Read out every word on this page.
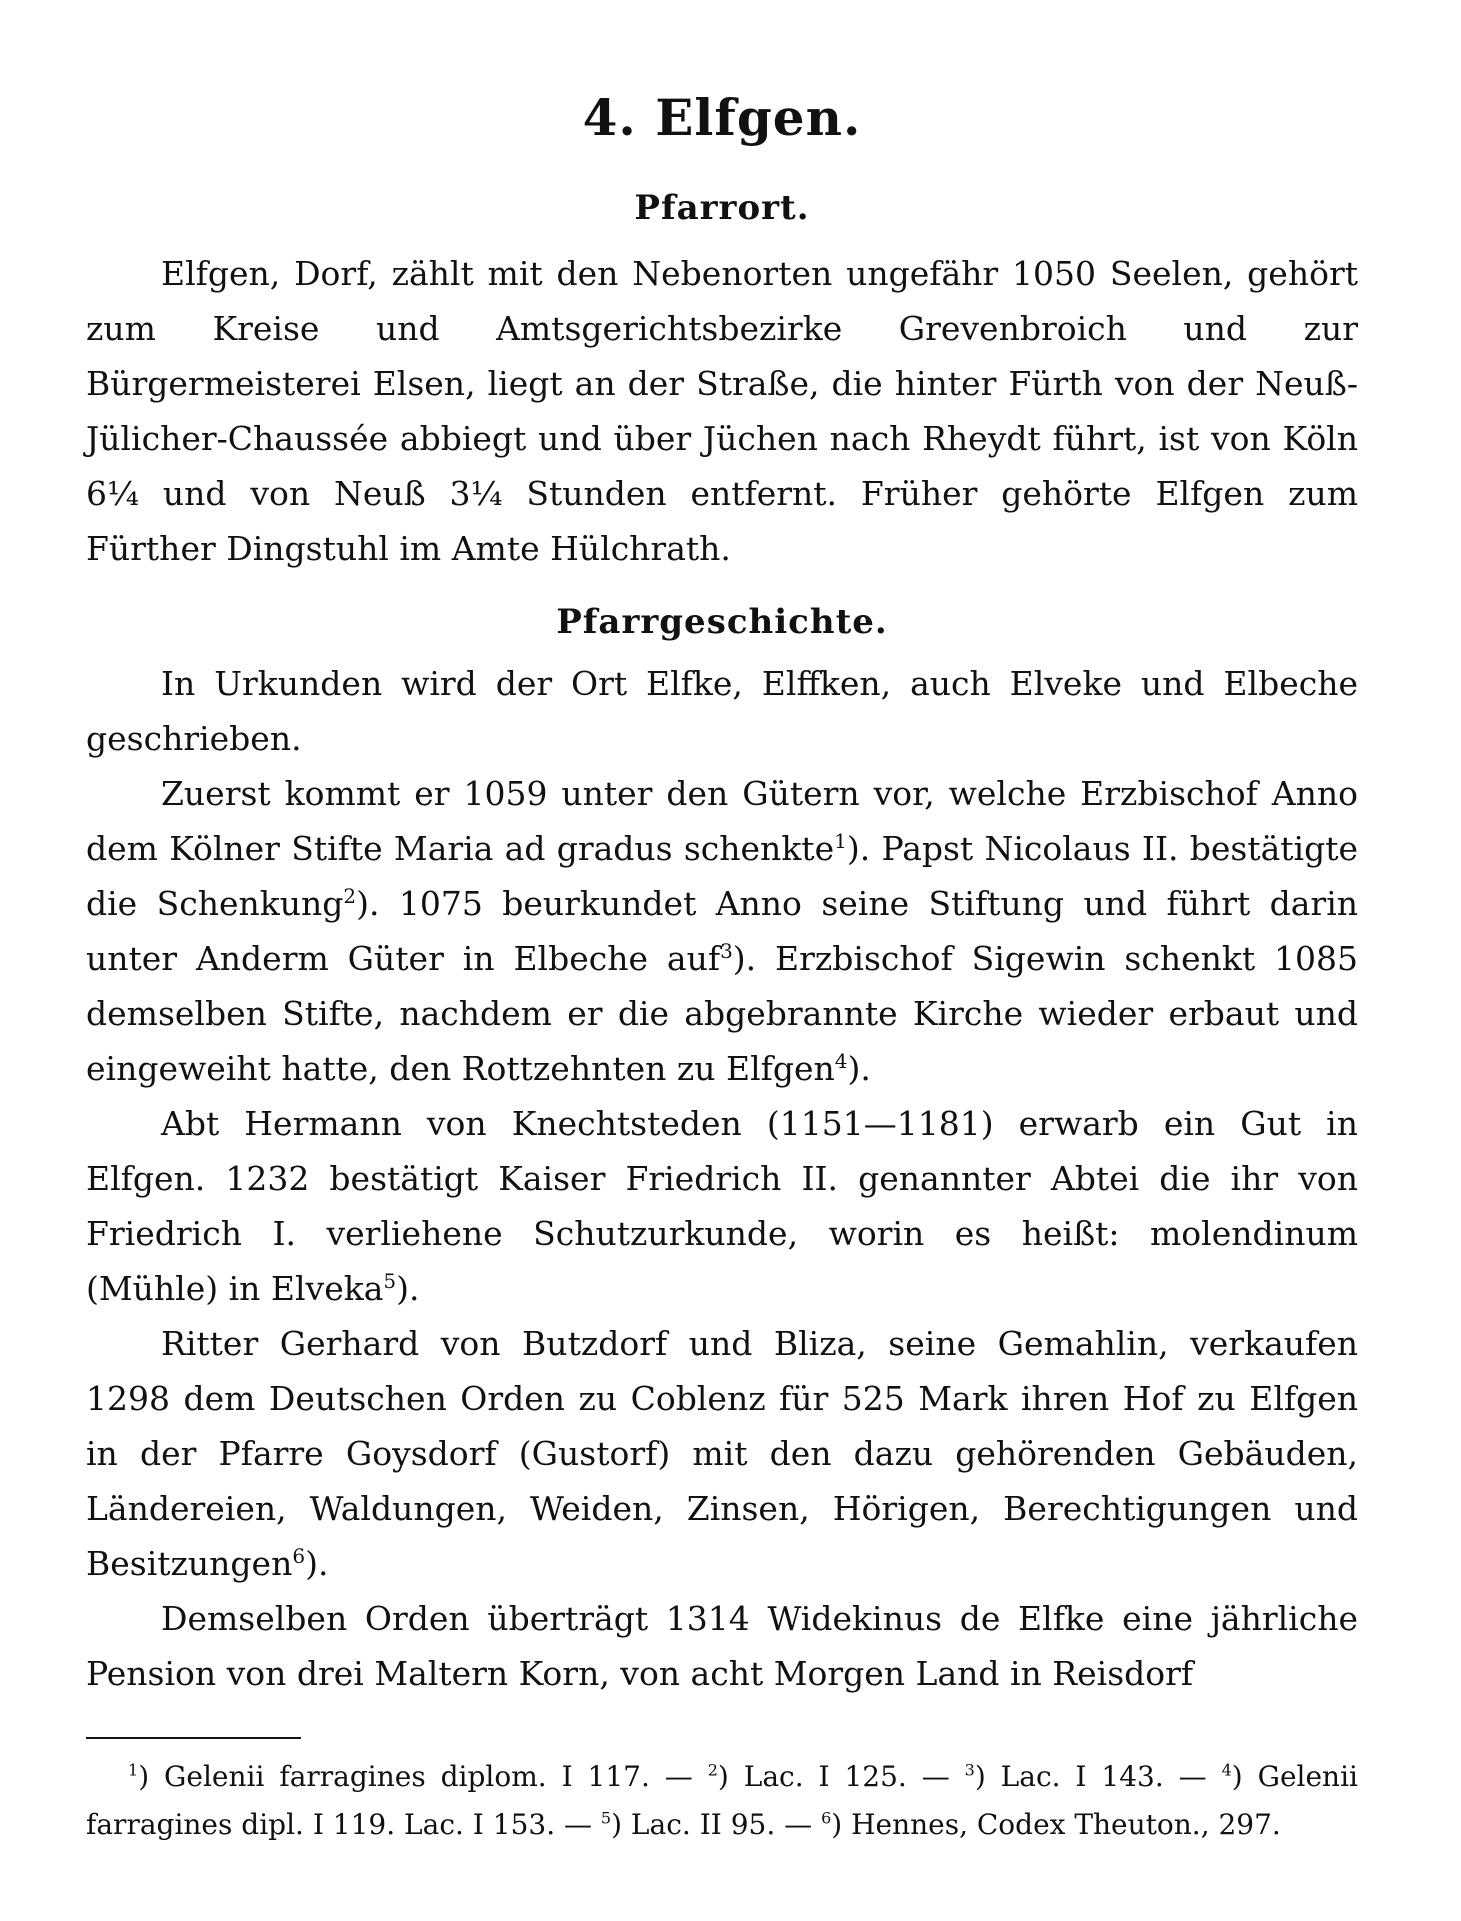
4. Elfgen.
Pfarrort.

Elfgen, Dorf, zählt mit den Nebenorten ungefähr 1050 Seelen, gehört zum Kreise und Amtsgerichtsbezirke Grevenbroich und zur Bürgermeisterei Elsen, liegt an der Straße, die hinter Fürth von der Neuß-Jülicher-Chaussée abbiegt und über Jüchen nach Rheydt führt, ist von Köln 6¼ und von Neuß 3¼ Stunden entfernt. Früher gehörte Elfgen zum Fürther Dingstuhl im Amte Hülchrath.

Pfarrgeschichte.

In Urkunden wird der Ort Elfke, Elffken, auch Elveke und Elbeche geschrieben.

Zuerst kommt er 1059 unter den Gütern vor, welche Erzbischof Anno dem Kölner Stifte Maria ad gradus schenkte$^1$). Papst Nicolaus II. bestätigte die Schenkung$^2$). 1075 beurkundet Anno seine Stiftung und führt darin unter Anderm Güter in Elbeche auf$^3$). Erzbischof Sigewin schenkt 1085 demselben Stifte, nachdem er die abgebrannte Kirche wieder erbaut und eingeweiht hatte, den Rottzehnten zu Elfgen$^4$).

Abt Hermann von Knechtsteden (1151—1181) erwarb ein Gut in Elfgen. 1232 bestätigt Kaiser Friedrich II. genannter Abtei die ihr von Friedrich I. verliehene Schutzurkunde, worin es heißt: molendinum (Mühle) in Elveka$^5$).

Ritter Gerhard von Butzdorf und Bliza, seine Gemahlin, verkaufen 1298 dem Deutschen Orden zu Coblenz für 525 Mark ihren Hof zu Elfgen in der Pfarre Goysdorf (Gustorf) mit den dazu gehörenden Gebäuden, Ländereien, Waldungen, Weiden, Zinsen, Hörigen, Berechtigungen und Besitzungen$^6$).

Demselben Orden überträgt 1314 Widekinus de Elfke eine jährliche Pension von drei Maltern Korn, von acht Morgen Land in Reisdorf

$^1$) Gelenii farragines diplom. I 117. — $^2$) Lac. I 125. — $^3$) Lac. I 143. — $^4$) Gelenii farragines dipl. I 119. Lac. I 153. — $^5$) Lac. II 95. — $^6$) Hennes, Codex Theuton., 297.
